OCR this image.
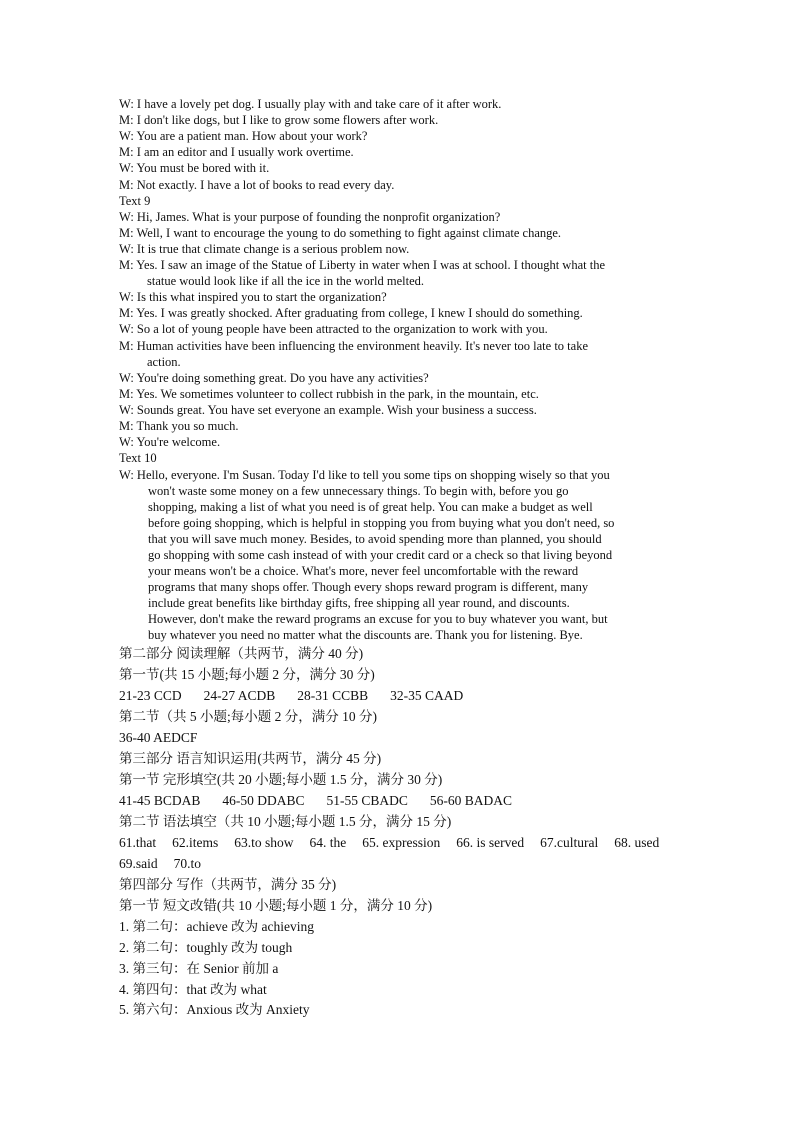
W: I have a lovely pet dog. I usually play with and take care of it after work.
M: I don't like dogs, but I like to grow some flowers after work.
W: You are a patient man. How about your work?
M: I am an editor and I usually work overtime.
W: You must be bored with it.
M: Not exactly. I have a lot of books to read every day.
Text 9
W: Hi, James. What is your purpose of founding the nonprofit organization?
M: Well, I want to encourage the young to do something to fight against climate change.
W: It is true that climate change is a serious problem now.
M: Yes. I saw an image of the Statue of Liberty in water when I was at school. I thought what the
statue would look like if all the ice in the world melted.
W: Is this what inspired you to start the organization?
M: Yes. I was greatly shocked. After graduating from college, I knew I should do something.
W: So a lot of young people have been attracted to the organization to work with you.
M: Human activities have been influencing the environment heavily. It's never too late to take
action.
W: You're doing something great. Do you have any activities?
M: Yes. We sometimes volunteer to collect rubbish in the park, in the mountain, etc.
W: Sounds great. You have set everyone an example. Wish your business a success.
M: Thank you so much.
W: You're welcome.
Text 10
W: Hello, everyone. I'm Susan. Today I'd like to tell you some tips on shopping wisely so that you
won't waste some money on a few unnecessary things. To begin with, before you go
shopping, making a list of what you need is of great help. You can make a budget as well
before going shopping, which is helpful in stopping you from buying what you don't need, so
that you will save much money. Besides, to avoid spending more than planned, you should
go shopping with some cash instead of with your credit card or a check so that living beyond
your means won't be a choice. What's more, never feel uncomfortable with the reward
programs that many shops offer. Though every shops reward program is different, many
include great benefits like birthday gifts, free shipping all year round, and discounts.
However, don't make the reward programs an excuse for you to buy whatever you want, but
buy whatever you need no matter what the discounts are. Thank you for listening. Bye.
第二部分 阅读理解（共两节，满分 40 分)
第一节(共 15 小题;每小题 2 分，满分 30 分)
21-23 CCD 24-27 ACDB 28-31 CCBB 32-35 CAAD
第二节（共 5 小题;每小题 2 分，满分 10 分)
36-40 AEDCF
第三部分 语言知识运用(共两节，满分 45 分)
第一节 完形填空(共 20 小题;每小题 1.5 分，满分 30 分)
41-45 BCDAB 46-50 DDABC 51-55 CBADC 56-60 BADAC
第二节 语法填空（共 10 小题;每小题 1.5 分，满分 15 分)
61.that 62.items 63.to show 64. the 65. expression 66. is served 67.cultural 68. used
69.said 70.to
第四部分 写作（共两节，满分 35 分)
第一节 短文改错(共 10 小题;每小题 1 分，满分 10 分)
1. 第二句：achieve 改为 achieving
2. 第二句：toughly 改为 tough
3. 第三句：在 Senior 前加 a
4. 第四句：that 改为 what
5. 第六句：Anxious 改为 Anxiety
